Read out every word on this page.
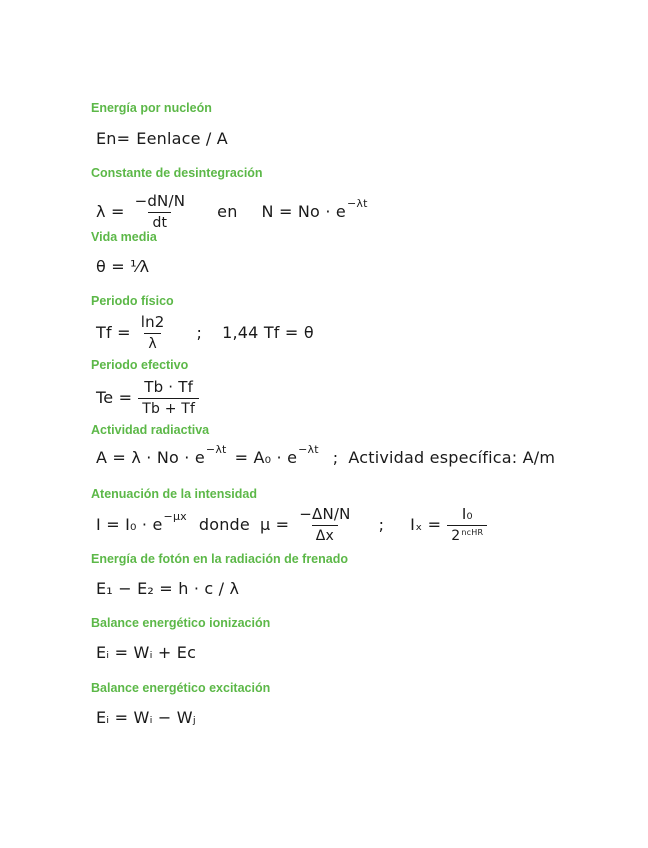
Energía por nucleón
Constante de desintegración
Vida media
Periodo físico
Periodo efectivo
Actividad radiactiva
Atenuación de la intensidad
Energía de fotón en la radiación de frenado
Balance energético ionización
Balance energético excitación
En = Eenlace / A
$\lambda = \frac{-dN/N}{dt}$ en N = No · e −λt
θ = ¹⁄λ
$Tf = \frac{\ln 2}{\lambda}$ ; 1,44 Tf = θ
$Te = \frac{Tb \cdot Tf}{Tb + Tf}$
A = λ · No · e −λt = A₀ · e −λt ; Actividad específica: A/m
I = I₀ · e −μx donde $\mu = \frac{-\Delta N/N}{\Delta x}$ ; $I_x = \frac{\text{I₀}}{2^{ncHR}}$
E₁ − E₂ = h · c / λ
Eᵢ = Wᵢ + Ec
Eᵢ = Wᵢ − Wⱼ
